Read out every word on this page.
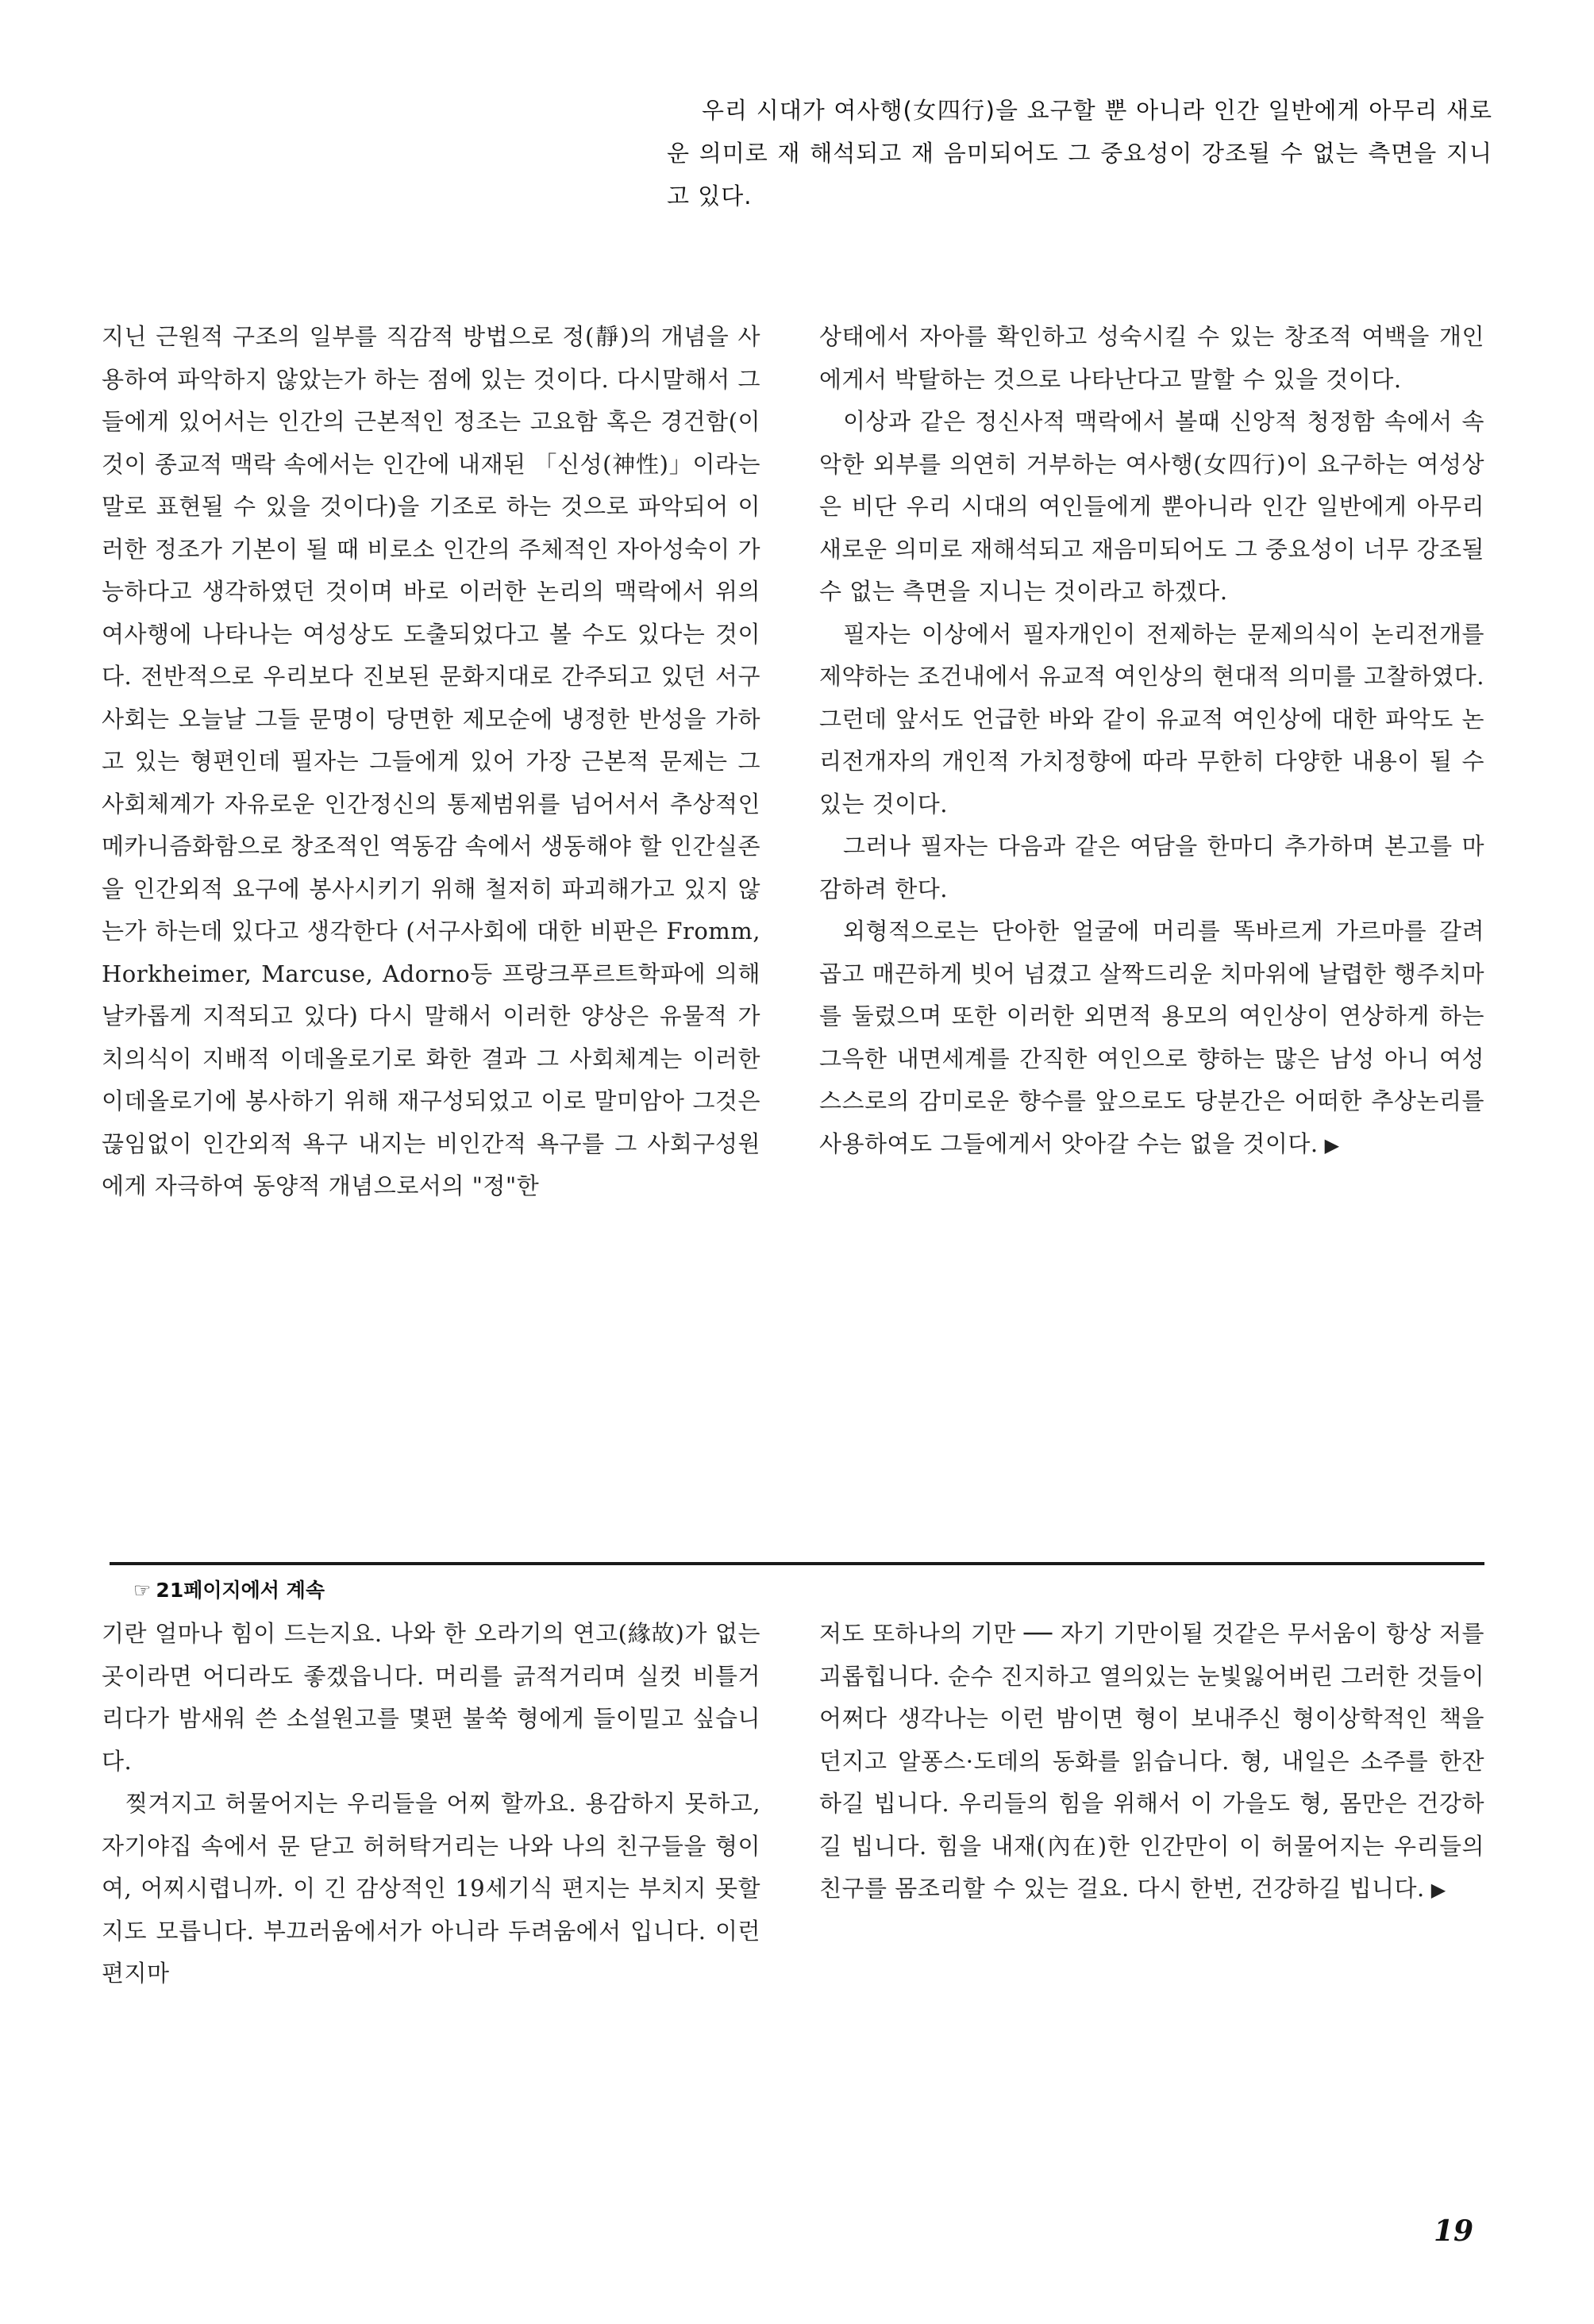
우리 시대가 여사행(女四行)을 요구할 뿐 아니라 인간 일반에게 아무리 새로운 의미로 재 해석되고 재 음미되어도 그 중요성이 강조될 수 없는 측면을 지니고 있다.

지닌 근원적 구조의 일부를 직감적 방법으로 정(靜)의 개념을 사용하여 파악하지 않았는가 하는 점에 있는 것이다. 다시말해서 그들에게 있어서는 인간의 근본적인 정조는 고요함 혹은 경건함(이것이 종교적 맥락 속에서는 인간에 내재된 「신성(神性)」이라는 말로 표현될 수 있을 것이다)을 기조로 하는 것으로 파악되어 이러한 정조가 기본이 될 때 비로소 인간의 주체적인 자아성숙이 가능하다고 생각하였던 것이며 바로 이러한 논리의 맥락에서 위의 여사행에 나타나는 여성상도 도출되었다고 볼 수도 있다는 것이다. 전반적으로 우리보다 진보된 문화지대로 간주되고 있던 서구사회는 오늘날 그들 문명이 당면한 제모순에 냉정한 반성을 가하고 있는 형편인데 필자는 그들에게 있어 가장 근본적 문제는 그 사회체계가 자유로운 인간정신의 통제범위를 넘어서서 추상적인 메카니즘화함으로 창조적인 역동감 속에서 생동해야 할 인간실존을 인간외적 요구에 봉사시키기 위해 철저히 파괴해가고 있지 않는가 하는데 있다고 생각한다 (서구사회에 대한 비판은 Fromm, Horkheimer, Marcuse, Adorno등 프랑크푸르트학파에 의해 날카롭게 지적되고 있다) 다시 말해서 이러한 양상은 유물적 가치의식이 지배적 이데올로기로 화한 결과 그 사회체계는 이러한 이데올로기에 봉사하기 위해 재구성되었고 이로 말미암아 그것은 끊임없이 인간외적 욕구 내지는 비인간적 욕구를 그 사회구성원에게 자극하여 동양적 개념으로서의 "정"한

상태에서 자아를 확인하고 성숙시킬 수 있는 창조적 여백을 개인에게서 박탈하는 것으로 나타난다고 말할 수 있을 것이다.

이상과 같은 정신사적 맥락에서 볼때 신앙적 청정함 속에서 속악한 외부를 의연히 거부하는 여사행(女四行)이 요구하는 여성상은 비단 우리 시대의 여인들에게 뿐아니라 인간 일반에게 아무리 새로운 의미로 재해석되고 재음미되어도 그 중요성이 너무 강조될 수 없는 측면을 지니는 것이라고 하겠다.

필자는 이상에서 필자개인이 전제하는 문제의식이 논리전개를 제약하는 조건내에서 유교적 여인상의 현대적 의미를 고찰하였다. 그런데 앞서도 언급한 바와 같이 유교적 여인상에 대한 파악도 논리전개자의 개인적 가치정향에 따라 무한히 다양한 내용이 될 수 있는 것이다.

그러나 필자는 다음과 같은 여담을 한마디 추가하며 본고를 마감하려 한다.

외형적으로는 단아한 얼굴에 머리를 똑바르게 가르마를 갈려 곱고 매끈하게 빗어 넘겼고 살짝드리운 치마위에 날렵한 행주치마를 둘렀으며 또한 이러한 외면적 용모의 여인상이 연상하게 하는 그윽한 내면세계를 간직한 여인으로 향하는 많은 남성 아니 여성 스스로의 감미로운 향수를 앞으로도 당분간은 어떠한 추상논리를 사용하여도 그들에게서 앗아갈 수는 없을 것이다. ▶

☞ 21페이지에서 계속

기란 얼마나 힘이 드는지요. 나와 한 오라기의 연고(緣故)가 없는 곳이라면 어디라도 좋겠읍니다. 머리를 긁적거리며 실컷 비틀거리다가 밤새워 쓴 소설원고를 몇편 불쑥 형에게 들이밀고 싶습니다.

찢겨지고 허물어지는 우리들을 어찌 할까요. 용감하지 못하고, 자기야집 속에서 문 닫고 허허탁거리는 나와 나의 친구들을 형이여, 어찌시렵니까. 이 긴 감상적인 19세기식 편지는 부치지 못할지도 모릅니다. 부끄러움에서가 아니라 두려움에서 입니다. 이런 편지마

저도 또하나의 기만 ── 자기 기만이될 것같은 무서움이 항상 저를 괴롭힙니다. 순수 진지하고 열의있는 눈빛잃어버린 그러한 것들이 어쩌다 생각나는 이런 밤이면 형이 보내주신 형이상학적인 책을 던지고 알퐁스·도데의 동화를 읽습니다. 형, 내일은 소주를 한잔하길 빕니다. 우리들의 힘을 위해서 이 가을도 형, 몸만은 건강하길 빕니다. 힘을 내재(內在)한 인간만이 이 허물어지는 우리들의 친구를 몸조리할 수 있는 걸요. 다시 한번, 건강하길 빕니다. ▶

19
